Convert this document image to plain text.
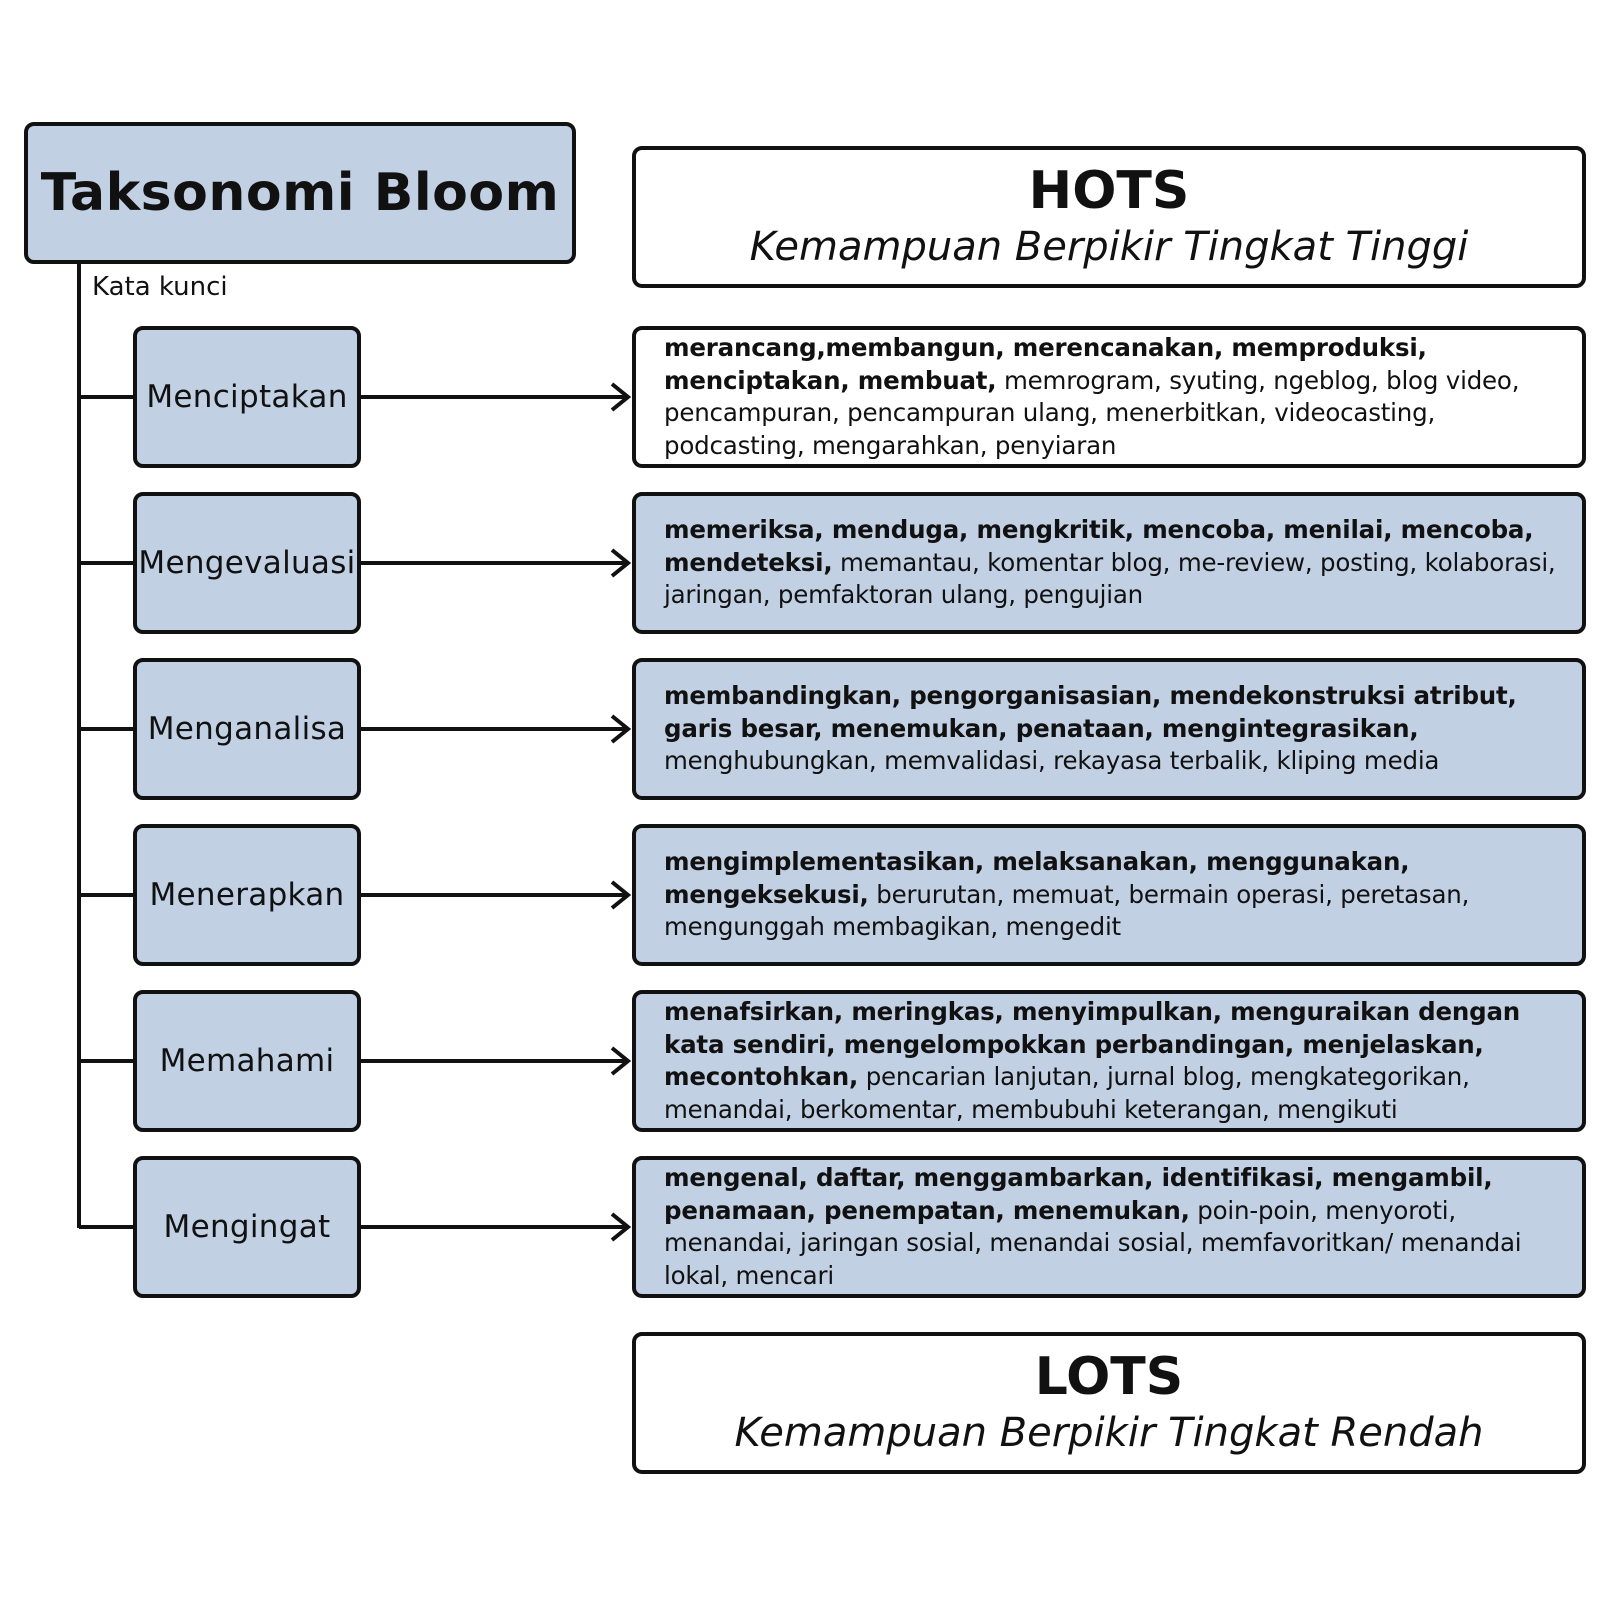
Taksonomi Bloom
Kata kunci
HOTS
Kemampuan Berpikir Tingkat Tinggi
Menciptakan

merancang,membangun, merencanakan, memproduksi, menciptakan, membuat, memrogram, syuting, ngeblog, blog video, pencampuran, pencampuran ulang, menerbitkan, videocasting, podcasting, mengarahkan, penyiaran

Mengevaluasi

memeriksa, menduga, mengkritik, mencoba, menilai, mencoba, mendeteksi, memantau, komentar blog, me-review, posting, kolaborasi, jaringan, pemfaktoran ulang, pengujian

Menganalisa

membandingkan, pengorganisasian, mendekonstruksi atribut, garis besar, menemukan, penataan, mengintegrasikan, menghubungkan, memvalidasi, rekayasa terbalik, kliping media

Menerapkan

mengimplementasikan, melaksanakan, menggunakan, mengeksekusi, berurutan, memuat, bermain operasi, peretasan, mengunggah membagikan, mengedit

Memahami

menafsirkan, meringkas, menyimpulkan, menguraikan dengan kata sendiri, mengelompokkan perbandingan, menjelaskan, mecontohkan, pencarian lanjutan, jurnal blog, mengkategorikan, menandai, berkomentar, membubuhi keterangan, mengikuti

Mengingat

mengenal, daftar, menggambarkan, identifikasi, mengambil, penamaan, penempatan, menemukan, poin-poin, menyoroti, menandai, jaringan sosial, menandai sosial, memfavoritkan/ menandai lokal, mencari

LOTS
Kemampuan Berpikir Tingkat Rendah
